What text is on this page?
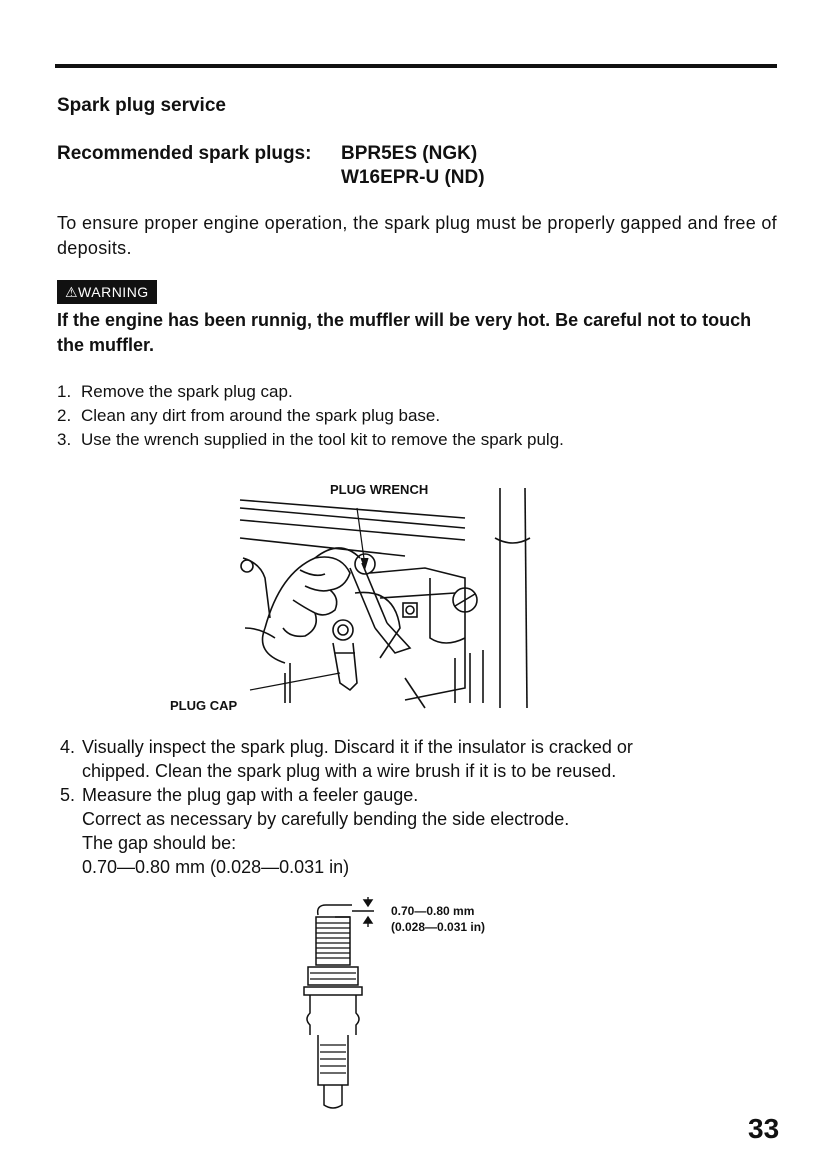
Spark plug service
Recommended spark plugs: BPR5ES (NGK)
W16EPR-U (ND)
To ensure proper engine operation, the spark plug must be properly gapped and free of deposits.
⚠WARNING
If the engine has been runnig, the muffler will be very hot. Be careful not to touch the muffler.
1. Remove the spark plug cap.
2. Clean any dirt from around the spark plug base.
3. Use the wrench supplied in the tool kit to remove the spark pulg.
PLUG WRENCH
PLUG CAP
4. Visually inspect the spark plug. Discard it if the insulator is cracked or
chipped. Clean the spark plug with a wire brush if it is to be reused.
5. Measure the plug gap with a feeler gauge.
Correct as necessary by carefully bending the side electrode.
The gap should be:
0.70—0.80 mm (0.028—0.031 in)
0.70—0.80 mm
(0.028—0.031 in)
33
